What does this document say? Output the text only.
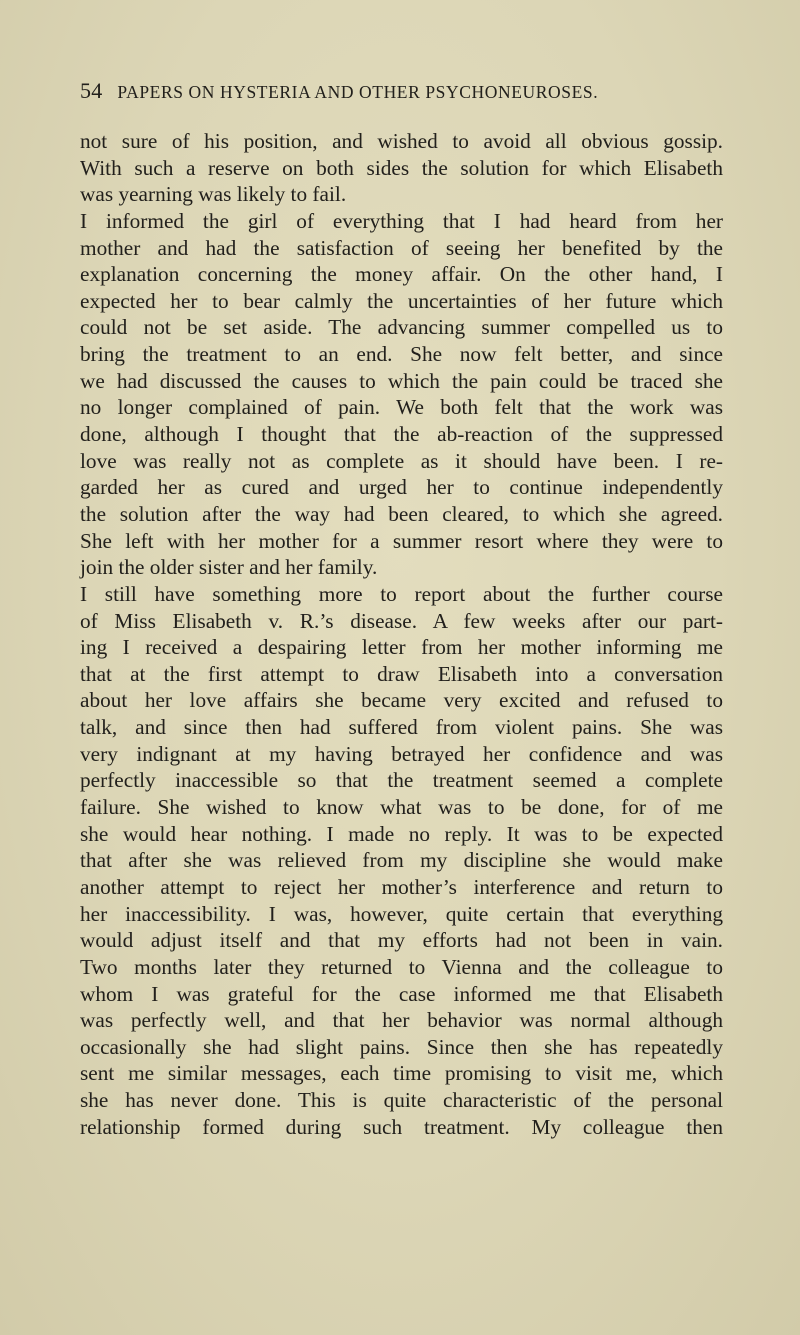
54 PAPERS ON HYSTERIA AND OTHER PSYCHONEUROSES.
not sure of his position, and wished to avoid all obvious gossip.
With such a reserve on both sides the solution for which Elisabeth
was yearning was likely to fail.
I informed the girl of everything that I had heard from her
mother and had the satisfaction of seeing her benefited by the
explanation concerning the money affair. On the other hand, I
expected her to bear calmly the uncertainties of her future which
could not be set aside. The advancing summer compelled us to
bring the treatment to an end. She now felt better, and since
we had discussed the causes to which the pain could be traced she
no longer complained of pain. We both felt that the work was
done, although I thought that the ab-reaction of the suppressed
love was really not as complete as it should have been. I re-
garded her as cured and urged her to continue independently
the solution after the way had been cleared, to which she agreed.
She left with her mother for a summer resort where they were to
join the older sister and her family.
I still have something more to report about the further course
of Miss Elisabeth v. R.’s disease. A few weeks after our part-
ing I received a despairing letter from her mother informing me
that at the first attempt to draw Elisabeth into a conversation
about her love affairs she became very excited and refused to
talk, and since then had suffered from violent pains. She was
very indignant at my having betrayed her confidence and was
perfectly inaccessible so that the treatment seemed a complete
failure. She wished to know what was to be done, for of me
she would hear nothing. I made no reply. It was to be expected
that after she was relieved from my discipline she would make
another attempt to reject her mother’s interference and return to
her inaccessibility. I was, however, quite certain that everything
would adjust itself and that my efforts had not been in vain.
Two months later they returned to Vienna and the colleague to
whom I was grateful for the case informed me that Elisabeth
was perfectly well, and that her behavior was normal although
occasionally she had slight pains. Since then she has repeatedly
sent me similar messages, each time promising to visit me, which
she has never done. This is quite characteristic of the personal
relationship formed during such treatment. My colleague then
